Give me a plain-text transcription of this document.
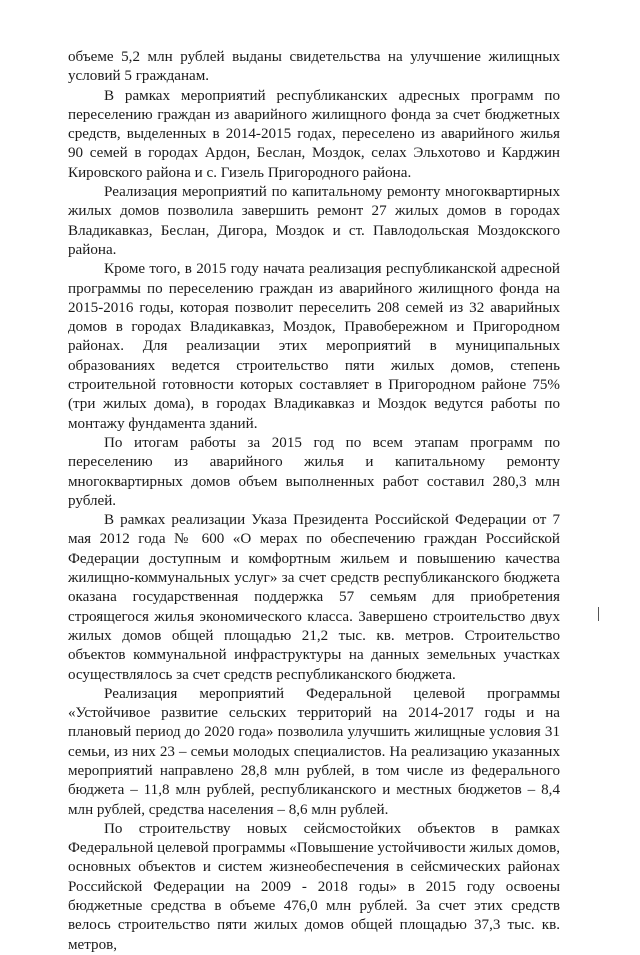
объеме 5,2 млн рублей выданы свидетельства на улучшение жилищных условий 5 гражданам.

В рамках мероприятий республиканских адресных программ по переселению граждан из аварийного жилищного фонда за счет бюджетных средств, выделенных в 2014-2015 годах, переселено из аварийного жилья 90 семей в городах Ардон, Беслан, Моздок, селах Эльхотово и Карджин Кировского района и с. Гизель Пригородного района.

Реализация мероприятий по капитальному ремонту многоквартирных жилых домов позволила завершить ремонт 27 жилых домов в городах Владикавказ, Беслан, Дигора, Моздок и ст. Павлодольская Моздокского района.

Кроме того, в 2015 году начата реализация республиканской адресной программы по переселению граждан из аварийного жилищного фонда на 2015-2016 годы, которая позволит переселить 208 семей из 32 аварийных домов в городах Владикавказ, Моздок, Правобережном и Пригородном районах. Для реализации этих мероприятий в муниципальных образованиях ведется строительство пяти жилых домов, степень строительной готовности которых составляет в Пригородном районе 75% (три жилых дома), в городах Владикавказ и Моздок ведутся работы по монтажу фундамента зданий.

По итогам работы за 2015 год по всем этапам программ по переселению из аварийного жилья и капитальному ремонту многоквартирных домов объем выполненных работ составил 280,3 млн рублей.

В рамках реализации Указа Президента Российской Федерации от 7 мая 2012 года № 600 «О мерах по обеспечению граждан Российской Федерации доступным и комфортным жильем и повышению качества жилищно-коммунальных услуг» за счет средств республиканского бюджета оказана государственная поддержка 57 семьям для приобретения строящегося жилья экономического класса. Завершено строительство двух жилых домов общей площадью 21,2 тыс. кв. метров. Строительство объектов коммунальной инфраструктуры на данных земельных участках осуществлялось за счет средств республиканского бюджета.

Реализация мероприятий Федеральной целевой программы «Устойчивое развитие сельских территорий на 2014-2017 годы и на плановый период до 2020 года» позволила улучшить жилищные условия 31 семьи, из них 23 – семьи молодых специалистов. На реализацию указанных мероприятий направлено 28,8 млн рублей, в том числе из федерального бюджета – 11,8 млн рублей, республиканского и местных бюджетов – 8,4 млн рублей, средства населения – 8,6 млн рублей.

По строительству новых сейсмостойких объектов в рамках Федеральной целевой программы «Повышение устойчивости жилых домов, основных объектов и систем жизнеобеспечения в сейсмических районах Российской Федерации на 2009 - 2018 годы» в 2015 году освоены бюджетные средства в объеме 476,0 млн рублей. За счет этих средств велось строительство пяти жилых домов общей площадью 37,3 тыс. кв. метров,
